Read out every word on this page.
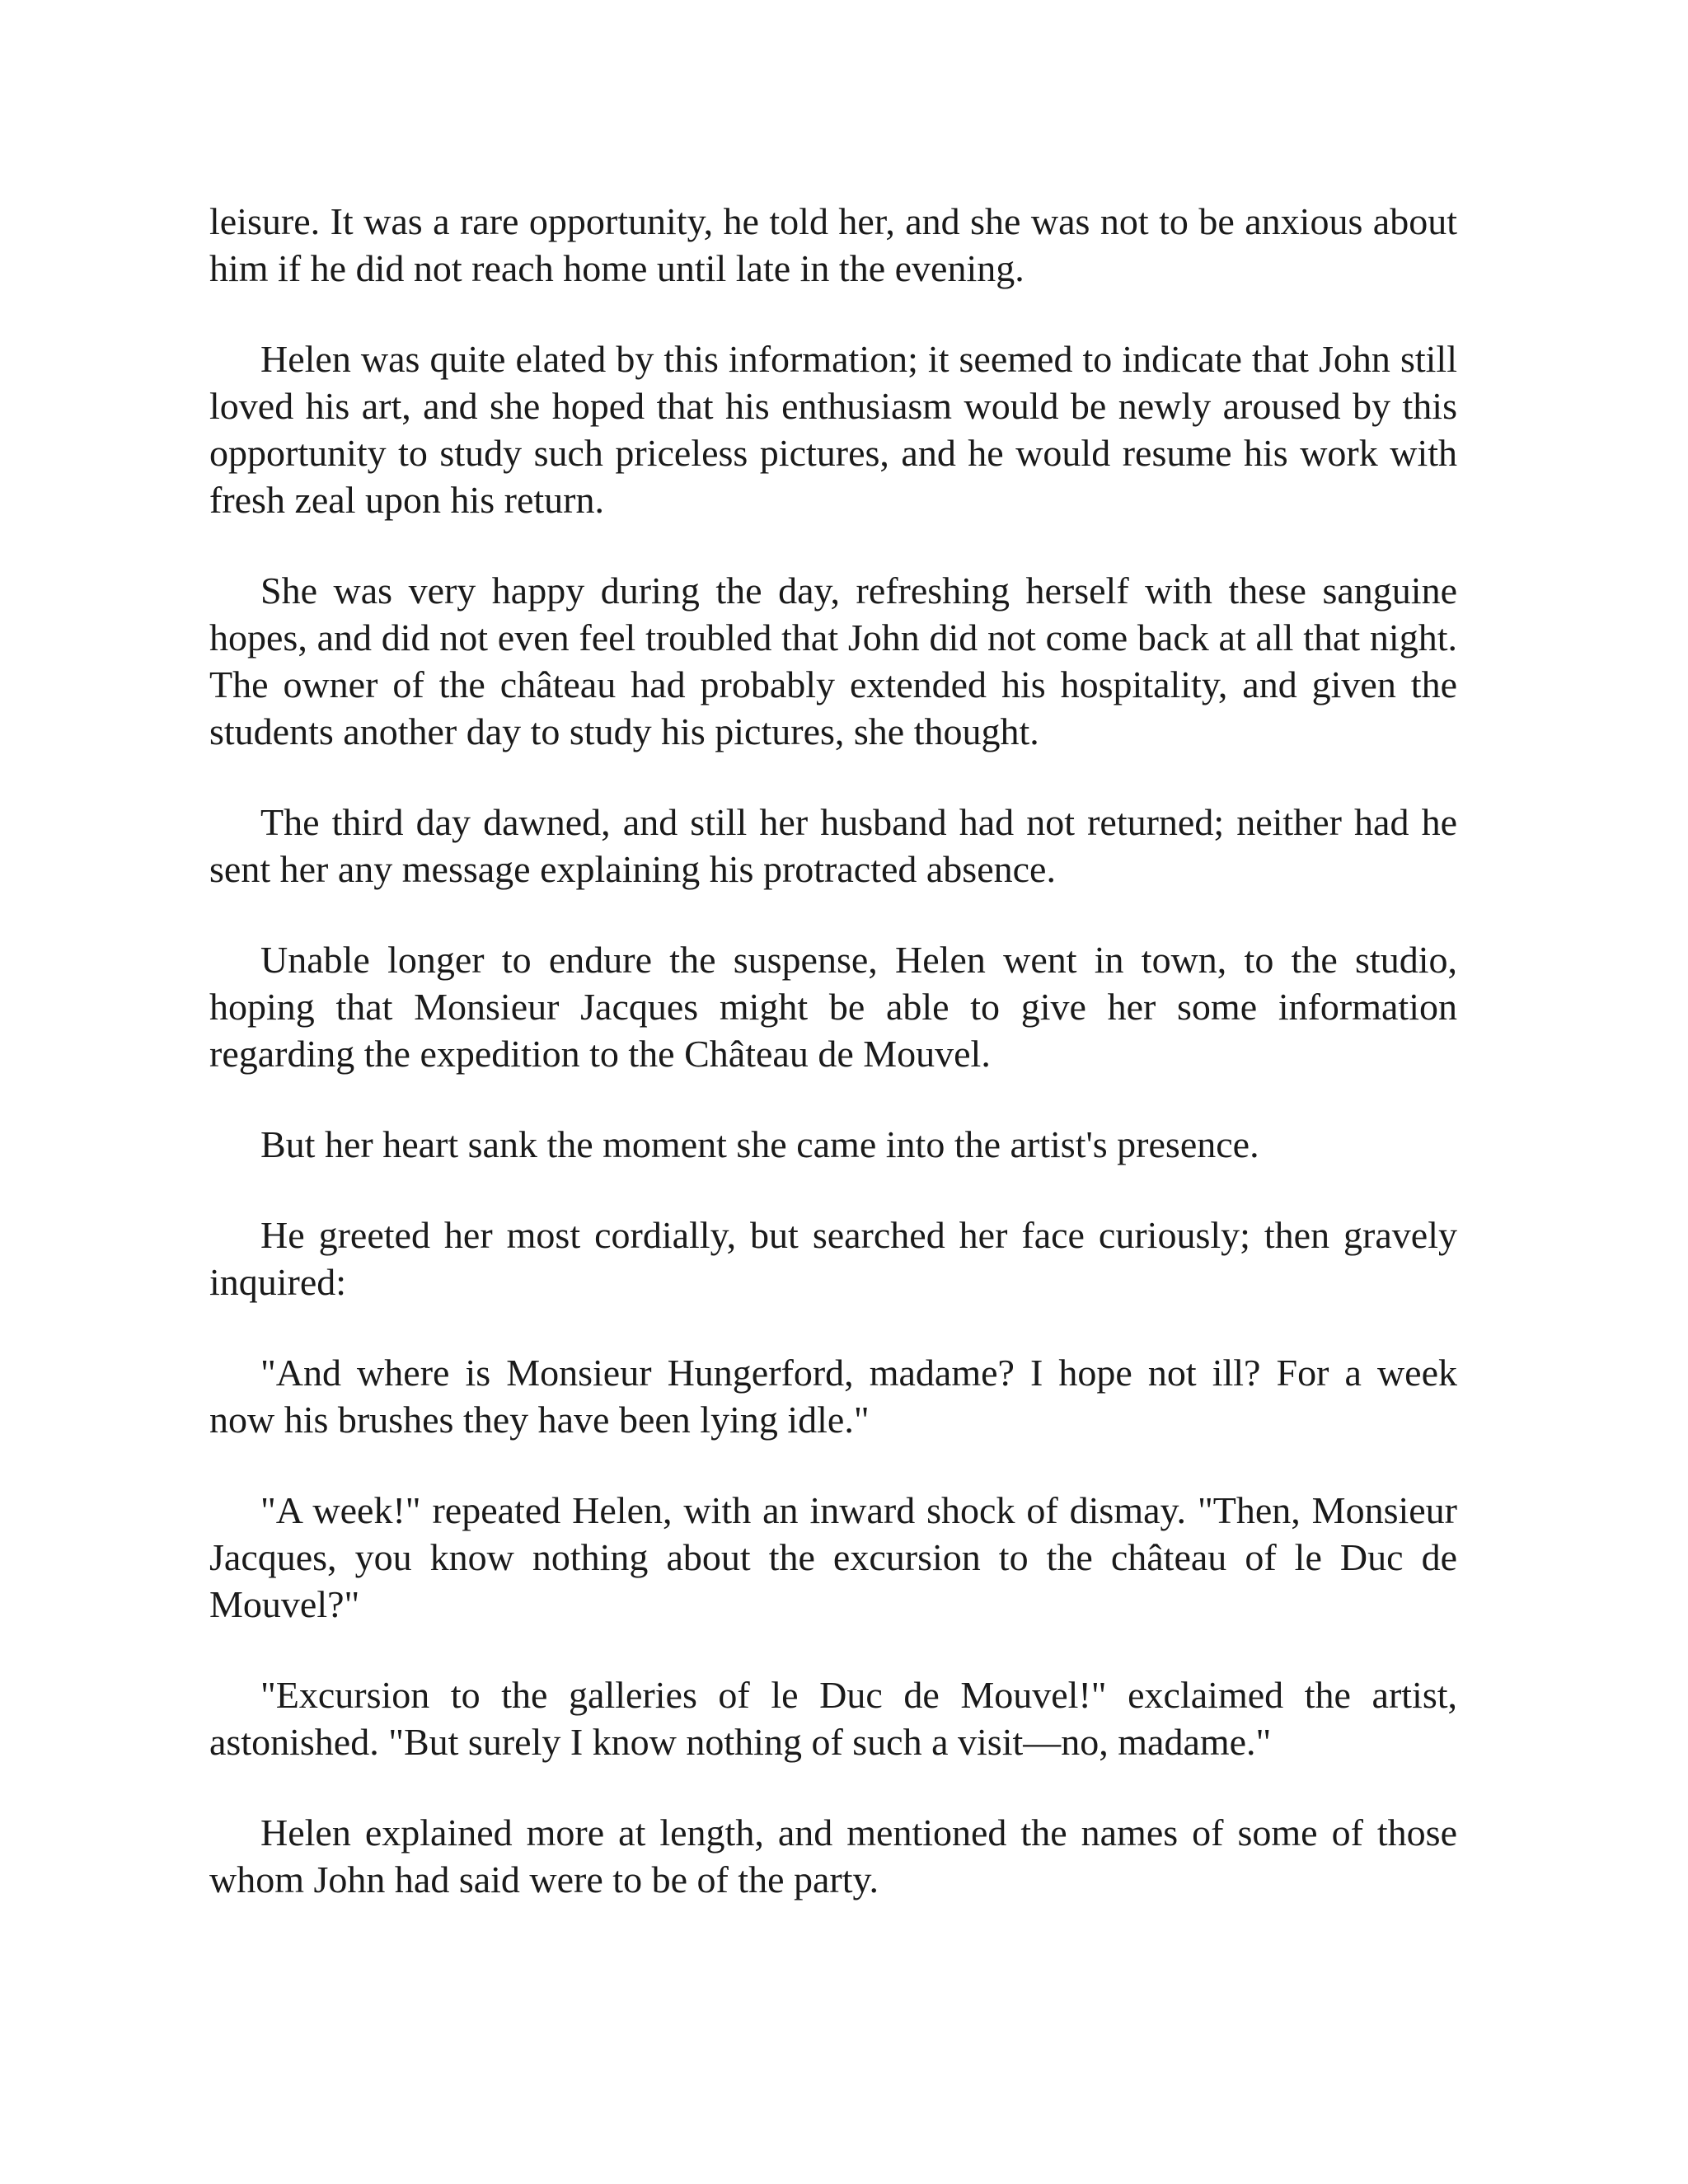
leisure. It was a rare opportunity, he told her, and she was not to be anxious about him if he did not reach home until late in the evening.

Helen was quite elated by this information; it seemed to indicate that John still loved his art, and she hoped that his enthusiasm would be newly aroused by this opportunity to study such priceless pictures, and he would resume his work with fresh zeal upon his return.

She was very happy during the day, refreshing herself with these sanguine hopes, and did not even feel troubled that John did not come back at all that night. The owner of the château had probably extended his hospitality, and given the students another day to study his pictures, she thought.

The third day dawned, and still her husband had not returned; neither had he sent her any message explaining his protracted absence.

Unable longer to endure the suspense, Helen went in town, to the studio, hoping that Monsieur Jacques might be able to give her some information regarding the expedition to the Château de Mouvel.

But her heart sank the moment she came into the artist's presence.

He greeted her most cordially, but searched her face curiously; then gravely inquired:

"And where is Monsieur Hungerford, madame? I hope not ill? For a week now his brushes they have been lying idle."

"A week!" repeated Helen, with an inward shock of dismay. "Then, Monsieur Jacques, you know nothing about the excursion to the château of le Duc de Mouvel?"

"Excursion to the galleries of le Duc de Mouvel!" exclaimed the artist, astonished. "But surely I know nothing of such a visit—no, madame."

Helen explained more at length, and mentioned the names of some of those whom John had said were to be of the party.
